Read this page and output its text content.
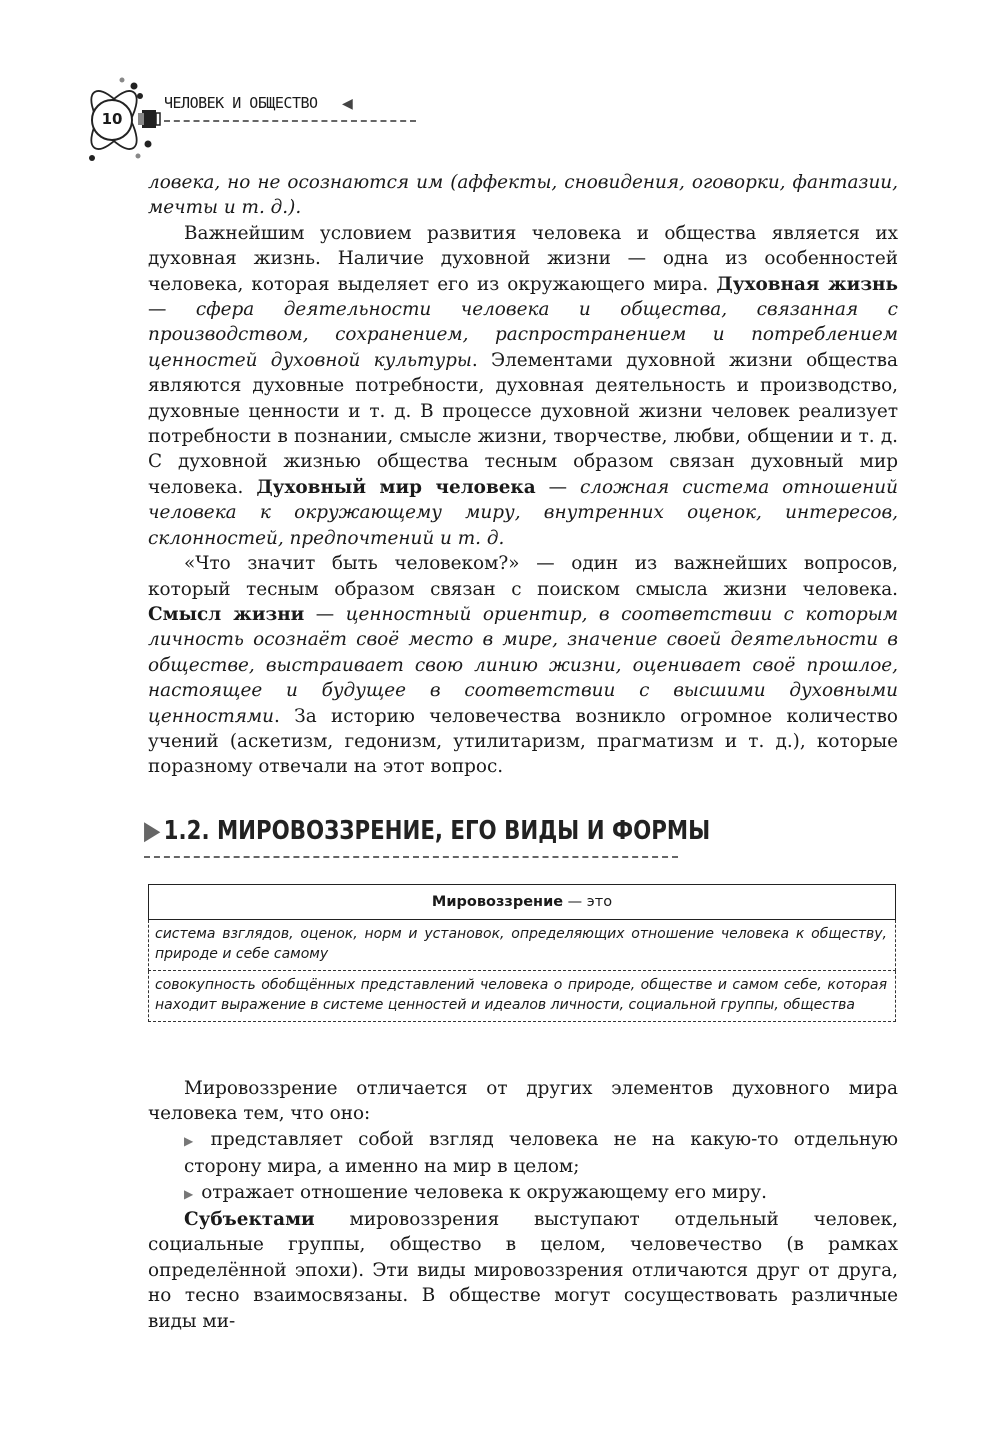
10
ЧЕЛОВЕК И ОБЩЕСТВО ◀

ловека, но не осознаются им (аффекты, сновидения, оговорки, фантазии, мечты и т. д.).

Важнейшим условием развития человека и общества является их духовная жизнь. Наличие духовной жизни — одна из особенностей человека, которая выделяет его из окружающего мира. Духовная жизнь — сфера деятельности человека и общества, связанная с производством, сохранением, распространением и потреблением ценностей духовной культуры. Элементами духовной жизни общества являются духовные потребности, духовная деятельность и производство, духовные ценности и т. д. В процессе духовной жизни человек реализует потребности в познании, смысле жизни, творчестве, любви, общении и т. д. С духовной жизнью общества тесным образом связан духовный мир человека. Духовный мир человека — сложная система отношений человека к окружающему миру, внутренних оценок, интересов, склонностей, предпочтений и т. д.

«Что значит быть человеком?» — один из важнейших вопросов, который тесным образом связан с поиском смысла жизни человека. Смысл жизни — ценностный ориентир, в соответствии с которым личность осознаёт своё место в мире, значение своей деятельности в обществе, выстраивает свою линию жизни, оценивает своё прошлое, настоящее и будущее в соответствии с высшими духовными ценностями. За историю человечества возникло огромное количество учений (аскетизм, гедонизм, утилитаризм, прагматизм и т. д.), которые поразному отвечали на этот вопрос.

▶ 1.2. МИРОВОЗЗРЕНИЕ, ЕГО ВИДЫ И ФОРМЫ
Мировоззрение — это
система взглядов, оценок, норм и установок, определяющих отношение человека к обществу, природе и себе самому
совокупность обобщённых представлений человека о природе, обществе и самом себе, которая находит выражение в системе ценностей и идеалов личности, социальной группы, общества

Мировоззрение отличается от других элементов духовного мира человека тем, что оно:

▶ представляет собой взгляд человека не на какую-то отдельную сторону мира, а именно на мир в целом;

▶ отражает отношение человека к окружающему его миру.

Субъектами мировоззрения выступают отдельный человек, социальные группы, общество в целом, человечество (в рамках определённой эпохи). Эти виды мировоззрения отличаются друг от друга, но тесно взаимосвязаны. В обществе могут сосуществовать различные виды ми-
